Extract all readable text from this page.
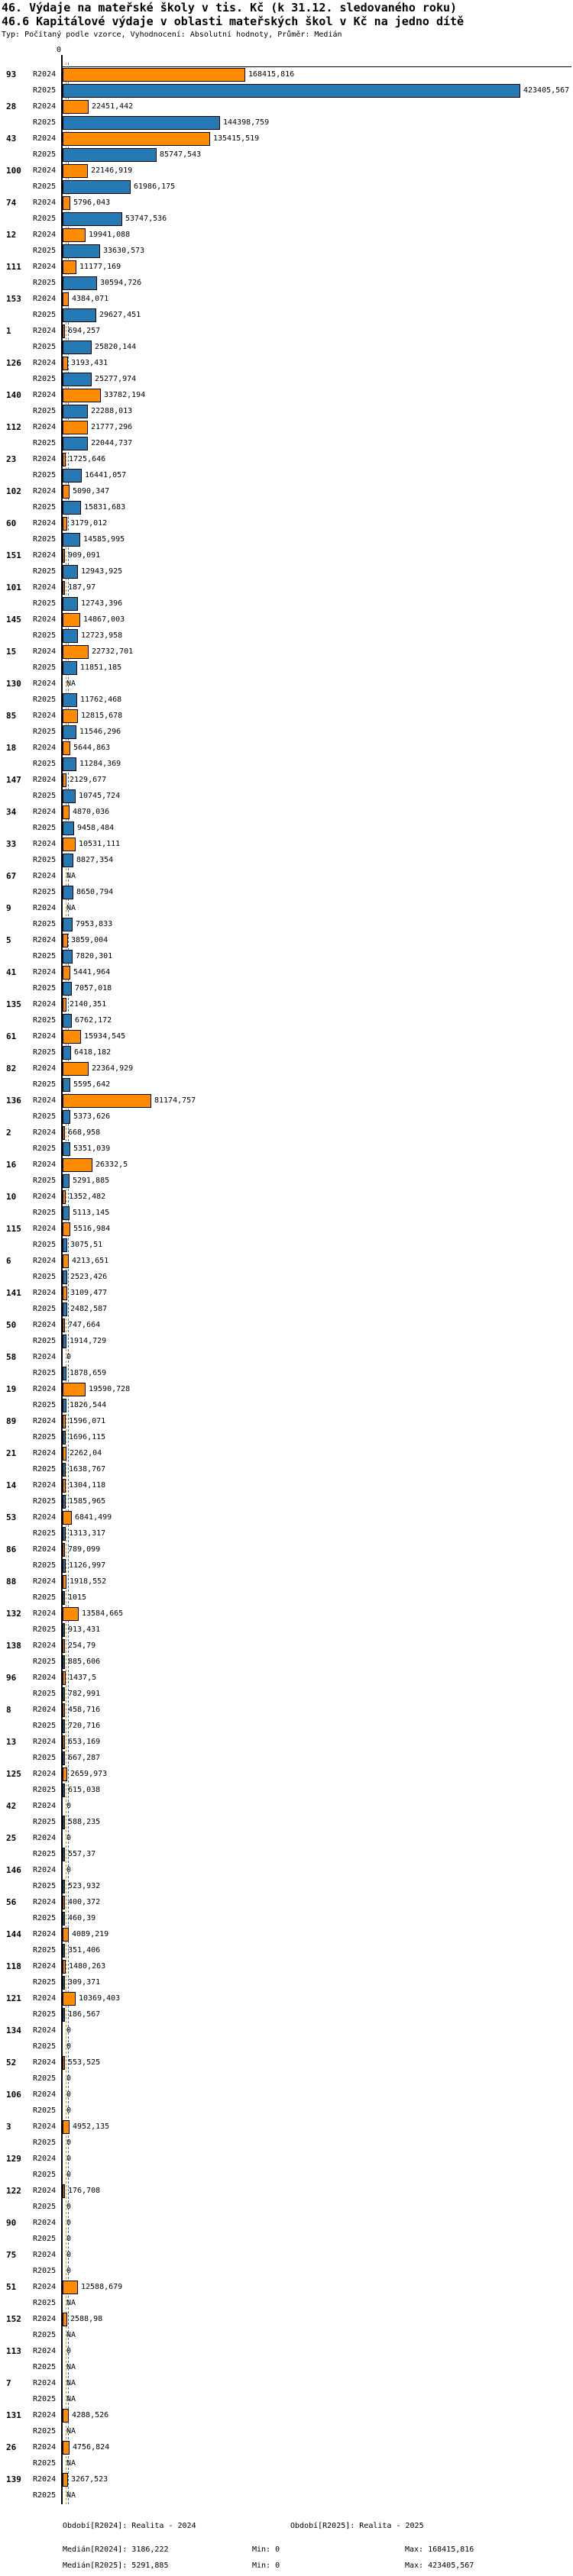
46. Výdaje na mateřské školy v tis. Kč (k 31.12. sledovaného roku)
46.6 Kapitálové výdaje v oblasti mateřských škol v Kč na jedno dítě
Typ: Počítaný podle vzorce, Vyhodnocení: Absolutní hodnoty, Průměr: Medián
0
93 R2024	168415,816
R2025	423405,567
28 R2024	22451,442
R2025	144398,759
43 R2024	135415,519
R2025	85747,543
100 R2024	22146,919
R2025	61986,175
74 R2024 5796,043
R2025	53747,536
12 R2024	19941,088
R2025	33630,573
111 R2024	11177,169
R2025	30594,726
153 R2024 4384,071
R2025	29627,451
1	R2024 694,257
R2025	25820,144
126 R2024 3193,431
R2025	25277,974
140 R2024	33782,194
R2025	22288,013
112 R2024	21777,296
R2025	22044,737
23 R2024 1725,646
R2025	16441,057
102 R2024 5090,347
R2025	15831,683
60 R2024 3179,012
R2025	14585,995
151 R2024 909,091
R2025	12943,925
101 R2024 187,97
R2025	12743,396
145 R2024	14867,003
R2025	12723,958
15 R2024	22732,701
R2025	11851,185
130 R2024 NA
R2025	11762,468
85 R2024	12815,678
R2025	11546,296
18 R2024 5644,863
R2025	11284,369
147 R2024 2129,677
R2025	10745,724
34 R2024 4870,036
R2025	9458,484
33 R2024	10531,111
R2025	8827,354
67 R2024 NA
R2025	8650,794
9	R2024 NA
R2025	7953,833
5	R2024 3859,004
R2025	7820,301
41 R2024 5441,964
R2025 7057,018
135 R2024 2140,351
R2025 6762,172
61 R2024	15934,545
R2025 6418,182
82 R2024	22364,929
R2025 5595,642
136 R2024	81174,757
R2025 5373,626
2	R2024 668,958
R2025 5351,039
16 R2024	26332,5
R2025 5291,885
10 R2024 1352,482
R2025 5113,145
115 R2024 5516,984
R2025 3075,51
6	R2024 4213,651
R2025 2523,426
141 R2024 3109,477
R2025 2482,587
50 R2024 747,664
R2025 1914,729
58 R2024 0
R2025 1878,659
19 R2024	19590,728
R2025 1826,544
89 R2024 1596,071
R2025 1696,115
21 R2024 2262,04
R2025 1638,767
14 R2024 1304,118
R2025 1585,965
53 R2024 6841,499
R2025 1313,317
86 R2024 789,099
R2025 1126,997
88 R2024 1918,552
R2025 1015
132 R2024	13584,665
R2025 913,431
138 R2024 254,79
R2025 885,606
96 R2024 1437,5
R2025 782,991
8	R2024 458,716
R2025 720,716
13 R2024 653,169
R2025 667,287
125 R2024 2659,973
R2025 615,038
42 R2024 0
R2025 588,235
25 R2024 0
R2025 557,37
146 R2024 0
R2025 523,932
56 R2024 400,372
R2025 460,39
144 R2024 4089,219
R2025 351,406
118 R2024 1480,263
R2025 309,371
121 R2024	10369,403
R2025 186,567
134 R2024 0
R2025 0
52 R2024 553,525
R2025 0
106 R2024 0
R2025 0
3	R2024 4952,135
R2025 0
129 R2024 0
R2025 0
122 R2024 176,708
R2025 0
90 R2024 0
R2025 0
75 R2024 0
R2025 0
51 R2024	12588,679
R2025 NA
152 R2024 2588,98
R2025 NA
113 R2024 0
R2025 NA
7	R2024 NA
R2025 NA
131 R2024 4288,526
R2025 NA
26 R2024 4756,824
R2025 NA
139 R2024 3267,523
R2025 NA
Období[R2024]: Realita - 2024	Období[R2025]: Realita - 2025
Medián[R2024]: 3186,222	Min: 0	Max: 168415,816
Medián[R2025]: 5291,885	Min: 0	Max: 423405,567
